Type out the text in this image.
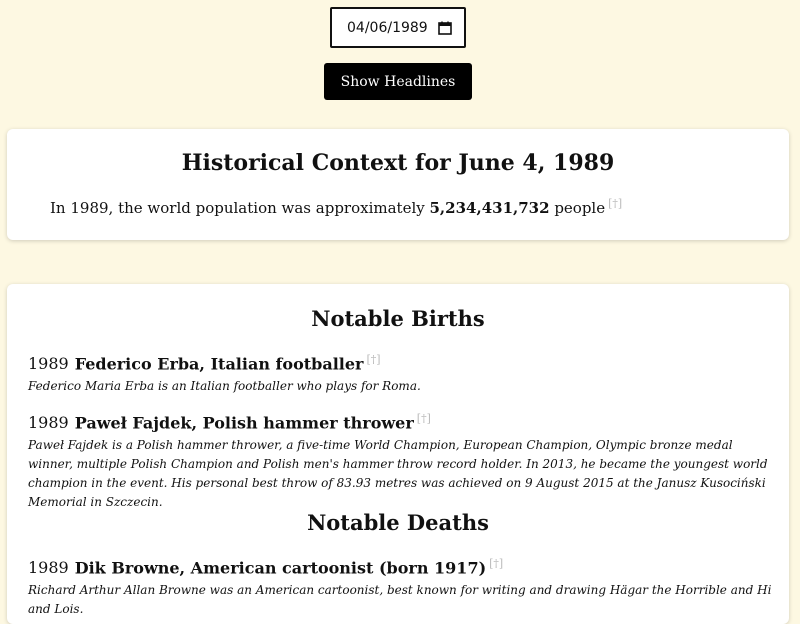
04/06/1989
Show Headlines
Historical Context for June 4, 1989
In 1989, the world population was approximately 5,234,431,732 people [†]
Notable Births
1989 Federico Erba, Italian footballer [†]
Federico Maria Erba is an Italian footballer who plays for Roma.
1989 Paweł Fajdek, Polish hammer thrower [†]
Paweł Fajdek is a Polish hammer thrower, a five-time World Champion, European Champion, Olympic bronze medal winner, multiple Polish Champion and Polish men's hammer throw record holder. In 2013, he became the youngest world champion in the event. His personal best throw of 83.93 metres was achieved on 9 August 2015 at the Janusz Kusociński Memorial in Szczecin.
Notable Deaths
1989 Dik Browne, American cartoonist (born 1917) [†]
Richard Arthur Allan Browne was an American cartoonist, best known for writing and drawing Hägar the Horrible and Hi and Lois.
